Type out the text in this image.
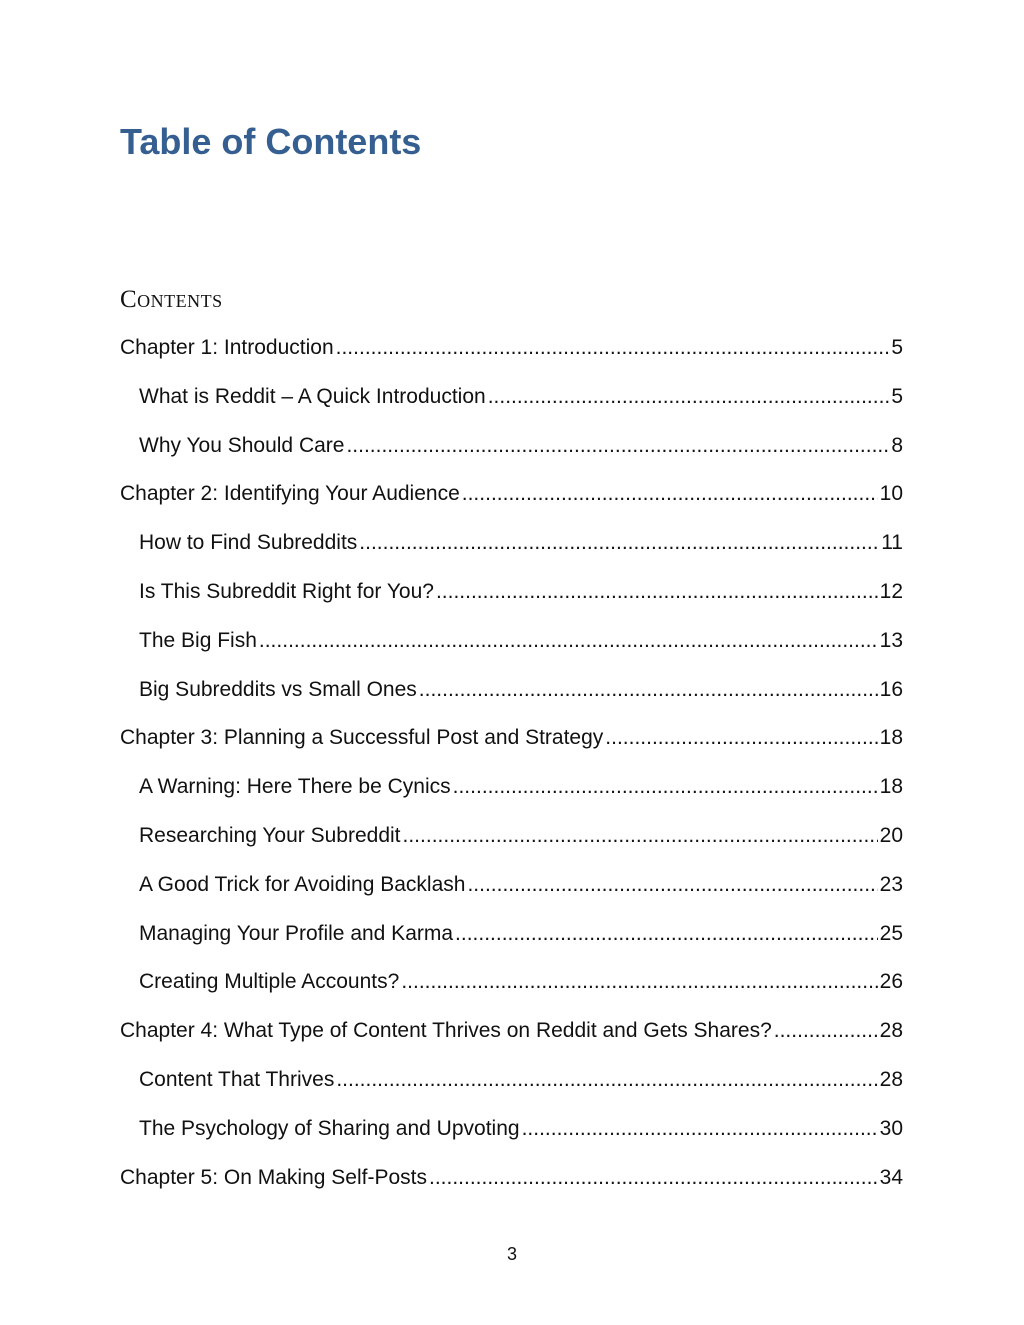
Table of Contents
Contents
Chapter 1: Introduction .....	5
What is Reddit – A Quick Introduction .....	5
Why You Should Care .....	8
Chapter 2: Identifying Your Audience .....	10
How to Find Subreddits .....	11
Is This Subreddit Right for You? .....	12
The Big Fish .....	13
Big Subreddits vs Small Ones .....	16
Chapter 3: Planning a Successful Post and Strategy .....	18
A Warning: Here There be Cynics .....	18
Researching Your Subreddit .....	20
A Good Trick for Avoiding Backlash .....	23
Managing Your Profile and Karma .....	25
Creating Multiple Accounts? .....	26
Chapter 4: What Type of Content Thrives on Reddit and Gets Shares? .....	28
Content That Thrives .....	28
The Psychology of Sharing and Upvoting .....	30
Chapter 5: On Making Self-Posts .....	34
3
